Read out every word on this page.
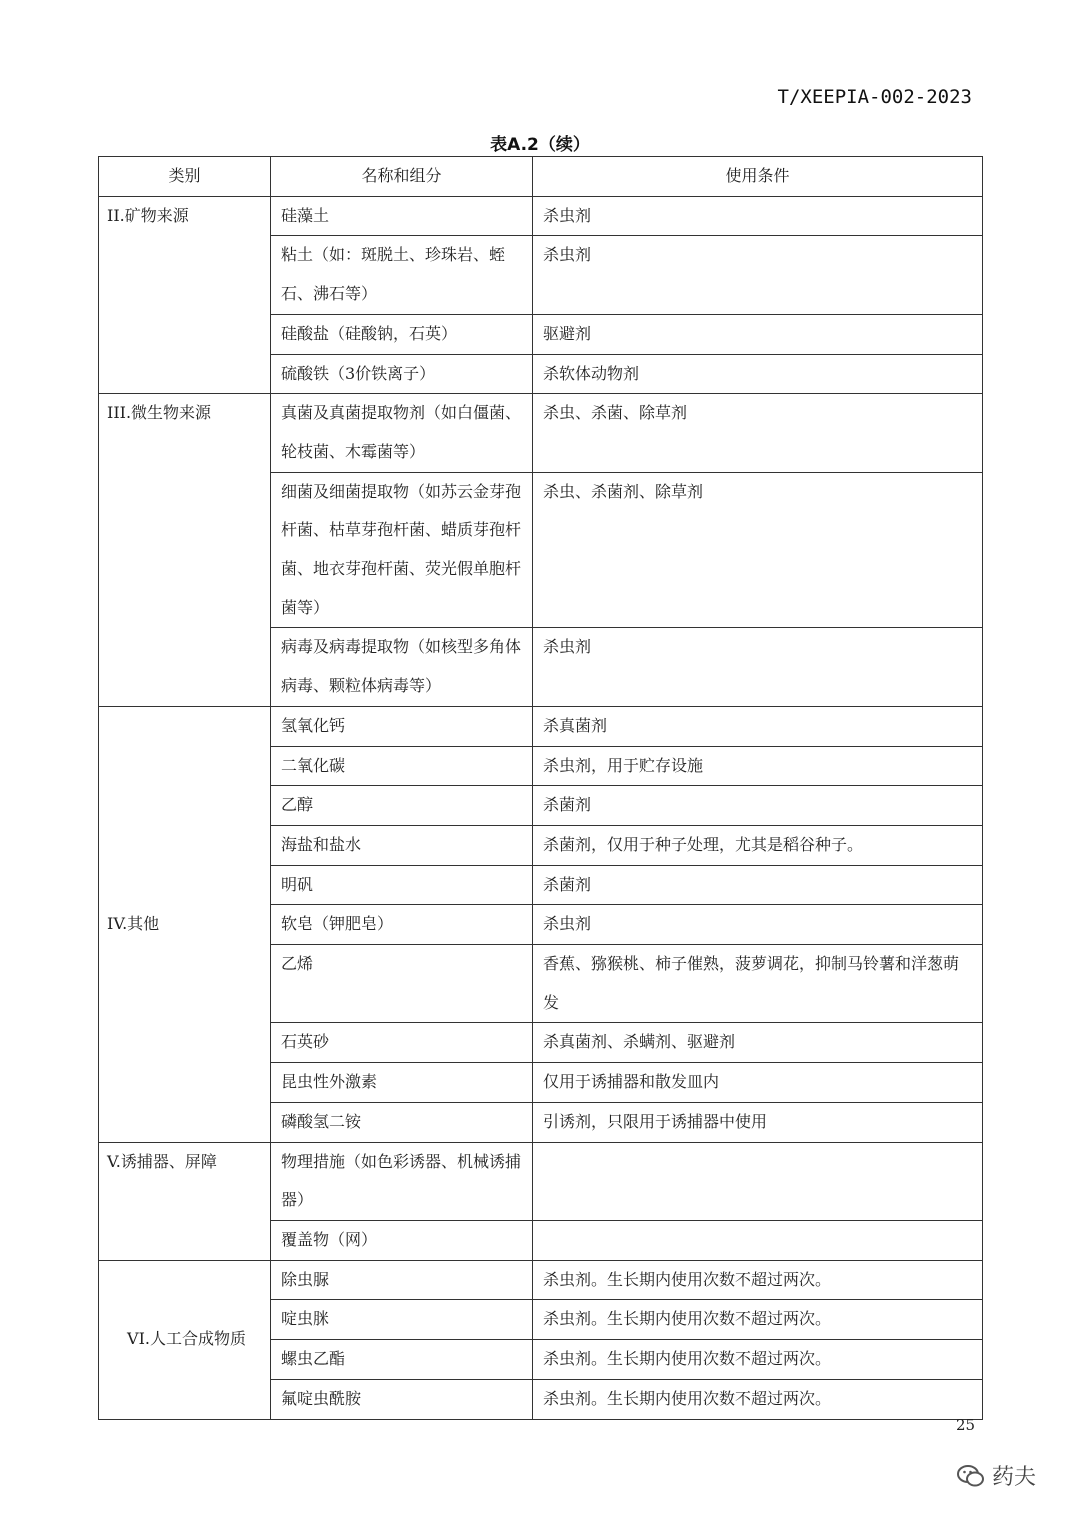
T/XEEPIA-002-2023
表A.2（续）
类别	名称和组分	使用条件
II.矿物来源	硅藻土	杀虫剂
	粘土（如：斑脱土、珍珠岩、蛭石、沸石等）	杀虫剂
	硅酸盐（硅酸钠，石英）	驱避剂
	硫酸铁（3价铁离子）	杀软体动物剂
III.微生物来源	真菌及真菌提取物剂（如白僵菌、轮枝菌、木霉菌等）	杀虫、杀菌、除草剂
	细菌及细菌提取物（如苏云金芽孢杆菌、枯草芽孢杆菌、蜡质芽孢杆菌、地衣芽孢杆菌、荧光假单胞杆菌等）	杀虫、杀菌剂、除草剂
	病毒及病毒提取物（如核型多角体病毒、颗粒体病毒等）	杀虫剂
IV.其他	氢氧化钙	杀真菌剂
	二氧化碳	杀虫剂，用于贮存设施
	乙醇	杀菌剂
	海盐和盐水	杀菌剂，仅用于种子处理，尤其是稻谷种子。
	明矾	杀菌剂
	软皂（钾肥皂）	杀虫剂
	乙烯	香蕉、猕猴桃、柿子催熟，菠萝调花，抑制马铃薯和洋葱萌发
	石英砂	杀真菌剂、杀螨剂、驱避剂
	昆虫性外激素	仅用于诱捕器和散发皿内
	磷酸氢二铵	引诱剂，只限用于诱捕器中使用
V.诱捕器、屏障	物理措施（如色彩诱器、机械诱捕器）	
	覆盖物（网）	
VI.人工合成物质	除虫脲	杀虫剂。生长期内使用次数不超过两次。
	啶虫脒	杀虫剂。生长期内使用次数不超过两次。
	螺虫乙酯	杀虫剂。生长期内使用次数不超过两次。
	氟啶虫酰胺	杀虫剂。生长期内使用次数不超过两次。
25
药夫
